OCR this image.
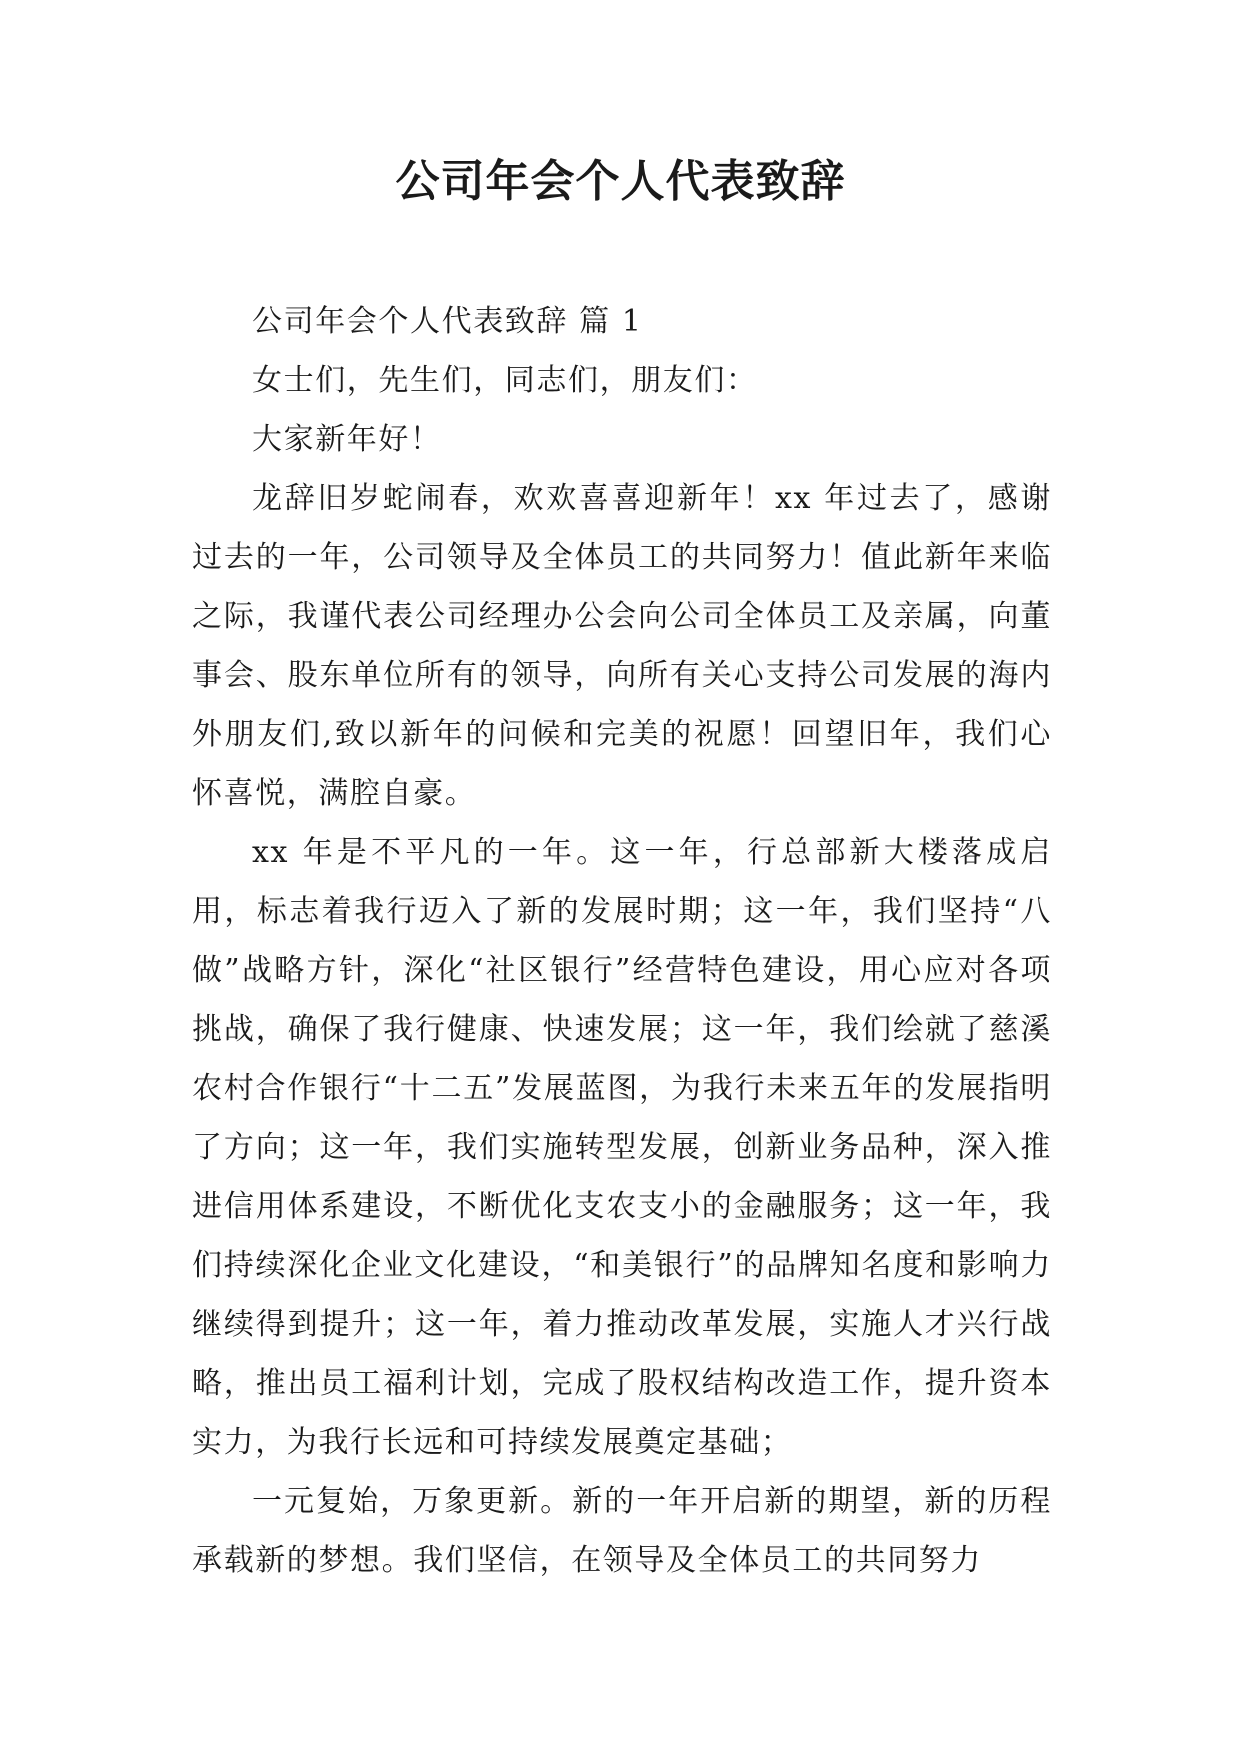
公司年会个人代表致辞

公司年会个人代表致辞 篇 1

女士们，先生们，同志们，朋友们：

大家新年好！

龙辞旧岁蛇闹春，欢欢喜喜迎新年！xx 年过去了，感谢过去的一年，公司领导及全体员工的共同努力！值此新年来临之际，我谨代表公司经理办公会向公司全体员工及亲属，向董事会、股东单位所有的领导，向所有关心支持公司发展的海内外朋友们,致以新年的问候和完美的祝愿！回望旧年，我们心怀喜悦，满腔自豪。

xx 年是不平凡的一年。这一年，行总部新大楼落成启用，标志着我行迈入了新的发展时期；这一年，我们坚持“八做”战略方针，深化“社区银行”经营特色建设，用心应对各项挑战，确保了我行健康、快速发展；这一年，我们绘就了慈溪农村合作银行“十二五”发展蓝图，为我行未来五年的发展指明了方向；这一年，我们实施转型发展，创新业务品种，深入推进信用体系建设，不断优化支农支小的金融服务；这一年，我们持续深化企业文化建设，“和美银行”的品牌知名度和影响力继续得到提升；这一年，着力推动改革发展，实施人才兴行战略，推出员工福利计划，完成了股权结构改造工作，提升资本实力，为我行长远和可持续发展奠定基础；

一元复始，万象更新。新的一年开启新的期望，新的历程承载新的梦想。我们坚信，在领导及全体员工的共同努力
